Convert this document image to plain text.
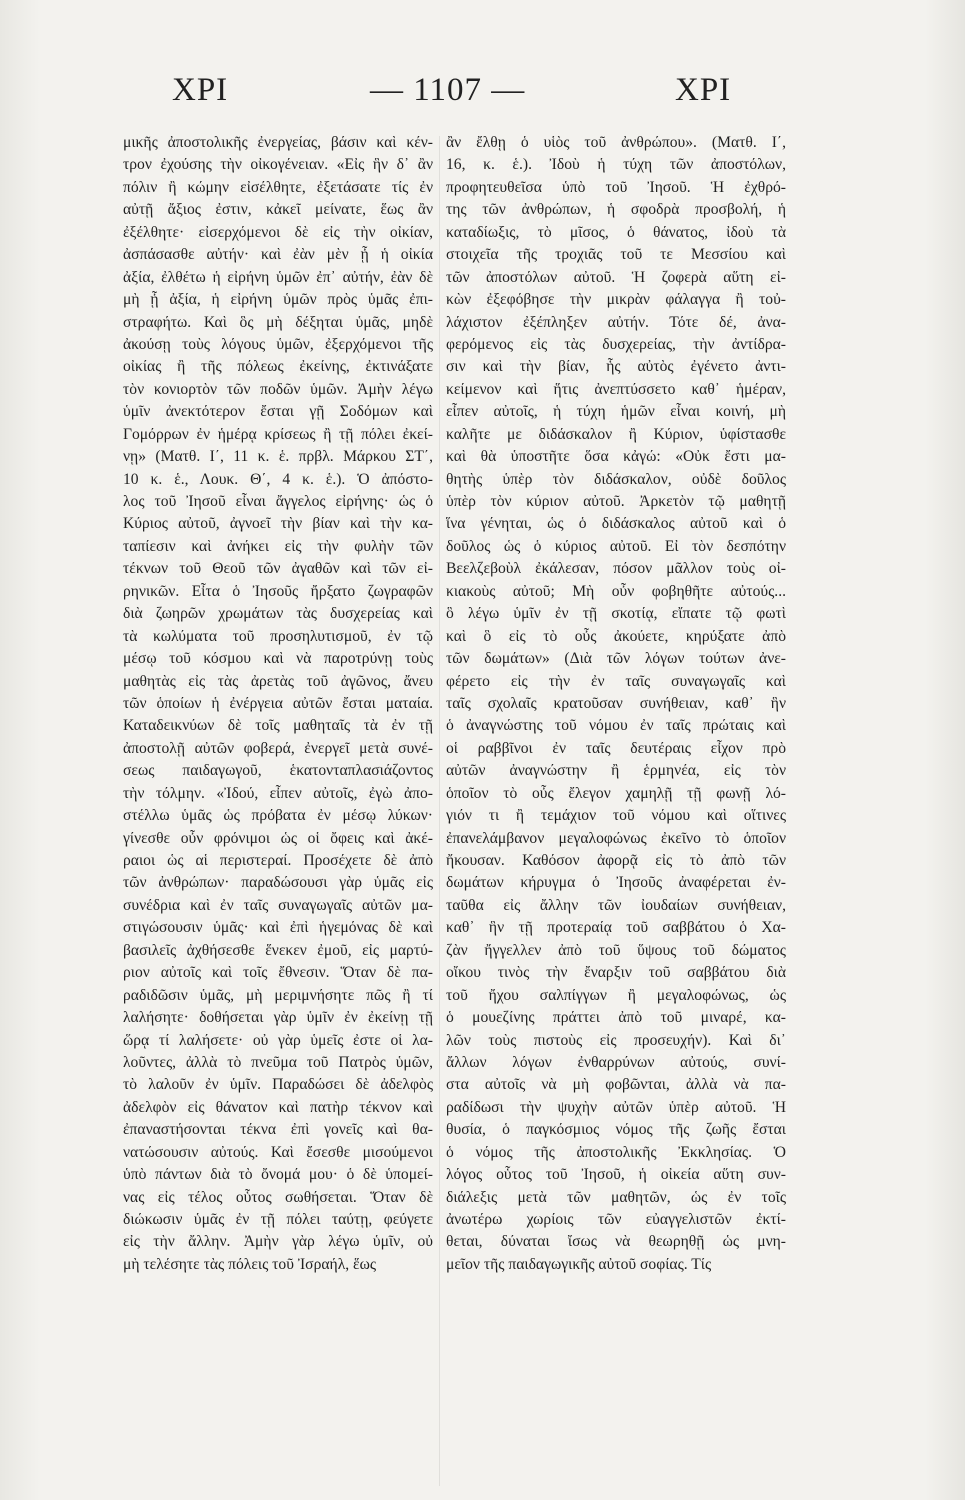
ΧΡΙ	— 1107 —	ΧΡΙ
μικῆς ἀποστολικῆς ἐνεργείας, βάσιν καὶ κέν-
τρον ἐχούσης τὴν οἰκογένειαν. «Εἰς ἣν δ᾽ ἂν
πόλιν ἢ κώμην εἰσέλθητε, ἐξετάσατε τίς ἐν
αὐτῇ ἄξιος ἐστιν, κἀκεῖ μείνατε, ἕως ἂν
ἐξέλθητε· εἰσερχόμενοι δὲ εἰς τὴν οἰκίαν,
ἀσπάσασθε αὐτήν· καὶ ἐὰν μὲν ᾖ ἡ οἰκία
ἀξία, ἐλθέτω ἡ εἰρήνη ὑμῶν ἐπ᾽ αὐτήν, ἐὰν δὲ
μὴ ᾖ ἀξία, ἡ εἰρήνη ὑμῶν πρὸς ὑμᾶς ἐπι-
στραφήτω. Καὶ ὃς μὴ δέξηται ὑμᾶς, μηδὲ
ἀκούσῃ τοὺς λόγους ὑμῶν, ἐξερχόμενοι τῆς
οἰκίας ἢ τῆς πόλεως ἐκείνης, ἐκτινάξατε
τὸν κονιορτὸν τῶν ποδῶν ὑμῶν. Ἀμὴν λέγω
ὑμῖν ἀνεκτότερον ἔσται γῇ Σοδόμων καὶ
Γομόρρων ἐν ἡμέρᾳ κρίσεως ἢ τῇ πόλει ἐκεί-
νῃ» (Ματθ. Ι΄, 11 κ. ἑ. πρβλ. Μάρκου ΣΤ΄,
10 κ. ἑ., Λουκ. Θ΄, 4 κ. ἑ.). Ὁ ἀπόστο-
λος τοῦ Ἰησοῦ εἶναι ἄγγελος εἰρήνης· ὡς ὁ
Κύριος αὐτοῦ, ἀγνοεῖ τὴν βίαν καὶ τὴν κα-
ταπίεσιν καὶ ἀνήκει εἰς τὴν φυλὴν τῶν
τέκνων τοῦ Θεοῦ τῶν ἀγαθῶν καὶ τῶν εἰ-
ρηνικῶν. Εἶτα ὁ Ἰησοῦς ἤρξατο ζωγραφῶν
διὰ ζωηρῶν χρωμάτων τὰς δυσχερείας καὶ
τὰ κωλύματα τοῦ προσηλυτισμοῦ, ἐν τῷ
μέσῳ τοῦ κόσμου καὶ νὰ παροτρύνῃ τοὺς
μαθητὰς εἰς τὰς ἀρετὰς τοῦ ἀγῶνος, ἄνευ
τῶν ὁποίων ἡ ἐνέργεια αὐτῶν ἔσται ματαία.
Καταδεικνύων δὲ τοῖς μαθηταῖς τὰ ἐν τῇ
ἀποστολῇ αὐτῶν φοβερά, ἐνεργεῖ μετὰ συνέ-
σεως παιδαγωγοῦ, ἑκατονταπλασιάζοντος
τὴν τόλμην. «Ἰδού, εἶπεν αὐτοῖς, ἐγὼ ἀπο-
στέλλω ὑμᾶς ὡς πρόβατα ἐν μέσῳ λύκων·
γίνεσθε οὖν φρόνιμοι ὡς οἱ ὄφεις καὶ ἀκέ-
ραιοι ὡς αἱ περιστεραί. Προσέχετε δὲ ἀπὸ
τῶν ἀνθρώπων· παραδώσουσι γὰρ ὑμᾶς εἰς
συνέδρια καὶ ἐν ταῖς συναγωγαῖς αὐτῶν μα-
στιγώσουσιν ὑμᾶς· καὶ ἐπὶ ἡγεμόνας δὲ καὶ
βασιλεῖς ἀχθήσεσθε ἕνεκεν ἐμοῦ, εἰς μαρτύ-
ριον αὐτοῖς καὶ τοῖς ἔθνεσιν. Ὅταν δὲ πα-
ραδιδῶσιν ὑμᾶς, μὴ μεριμνήσητε πῶς ἢ τί
λαλήσητε· δοθήσεται γὰρ ὑμῖν ἐν ἐκείνῃ τῇ
ὥρᾳ τί λαλήσετε· οὐ γὰρ ὑμεῖς ἐστε οἱ λα-
λοῦντες, ἀλλὰ τὸ πνεῦμα τοῦ Πατρὸς ὑμῶν,
τὸ λαλοῦν ἐν ὑμῖν. Παραδώσει δὲ ἀδελφὸς
ἀδελφὸν εἰς θάνατον καὶ πατὴρ τέκνον καὶ
ἐπαναστήσονται τέκνα ἐπὶ γονεῖς καὶ θα-
νατώσουσιν αὐτούς. Καὶ ἔσεσθε μισούμενοι
ὑπὸ πάντων διὰ τὸ ὄνομά μου· ὁ δὲ ὑπομεί-
νας εἰς τέλος οὗτος σωθήσεται. Ὅταν δὲ
διώκωσιν ὑμᾶς ἐν τῇ πόλει ταύτῃ, φεύγετε
εἰς τὴν ἄλλην. Ἀμὴν γὰρ λέγω ὑμῖν, οὐ
μὴ τελέσητε τὰς πόλεις τοῦ Ἰσραήλ, ἕως
ἂν ἔλθῃ ὁ υἱὸς τοῦ ἀνθρώπου». (Ματθ. Ι΄,
16, κ. ἑ.). Ἰδοὺ ἡ τύχη τῶν ἀποστόλων,
προφητευθεῖσα ὑπὸ τοῦ Ἰησοῦ. Ἡ ἐχθρό-
της τῶν ἀνθρώπων, ἡ σφοδρὰ προσβολή, ἡ
καταδίωξις, τὸ μῖσος, ὁ θάνατος, ἰδοὺ τὰ
στοιχεῖα τῆς τροχιᾶς τοῦ τε Μεσσίου καὶ
τῶν ἀποστόλων αὐτοῦ. Ἡ ζοφερὰ αὕτη εἰ-
κὼν ἐξεφόβησε τὴν μικρὰν φάλαγγα ἢ τοὐ-
λάχιστον ἐξέπληξεν αὐτήν. Τότε δέ, ἀνα-
φερόμενος εἰς τὰς δυσχερείας, τὴν ἀντίδρα-
σιν καὶ τὴν βίαν, ἧς αὐτὸς ἐγένετο ἀντι-
κείμενον καὶ ἥτις ἀνεπτύσσετο καθ᾽ ἡμέραν,
εἶπεν αὐτοῖς, ἡ τύχη ἡμῶν εἶναι κοινή, μὴ
καλῆτε με διδάσκαλον ἢ Κύριον, ὑφίστασθε
καὶ θὰ ὑποστῆτε ὅσα κἀγώ: «Οὐκ ἔστι μα-
θητὴς ὑπὲρ τὸν διδάσκαλον, οὐδὲ δοῦλος
ὑπὲρ τὸν κύριον αὐτοῦ. Ἀρκετὸν τῷ μαθητῇ
ἵνα γένηται, ὡς ὁ διδάσκαλος αὐτοῦ καὶ ὁ
δοῦλος ὡς ὁ κύριος αὐτοῦ. Εἰ τὸν δεσπότην
Βεελζεβοὺλ ἐκάλεσαν, πόσον μᾶλλον τοὺς οἰ-
κιακοὺς αὐτοῦ; Μὴ οὖν φοβηθῆτε αὐτούς...
ὃ λέγω ὑμῖν ἐν τῇ σκοτίᾳ, εἴπατε τῷ φωτὶ
καὶ ὃ εἰς τὸ οὖς ἀκούετε, κηρύξατε ἀπὸ
τῶν δωμάτων» (Διὰ τῶν λόγων τούτων ἀνε-
φέρετο εἰς τὴν ἐν ταῖς συναγωγαῖς καὶ
ταῖς σχολαῖς κρατοῦσαν συνήθειαν, καθ᾽ ἣν
ὁ ἀναγνώστης τοῦ νόμου ἐν ταῖς πρώταις καὶ
οἱ ραββῖνοι ἐν ταῖς δευτέραις εἶχον πρὸ
αὐτῶν ἀναγνώστην ἢ ἑρμηνέα, εἰς τὸν
ὁποῖον τὸ οὖς ἔλεγον χαμηλῇ τῇ φωνῇ λό-
γιόν τι ἢ τεμάχιον τοῦ νόμου καὶ οἵτινες
ἐπανελάμβανον μεγαλοφώνως ἐκεῖνο τὸ ὁποῖον
ἤκουσαν. Καθόσον ἀφορᾷ εἰς τὸ ἀπὸ τῶν
δωμάτων κήρυγμα ὁ Ἰησοῦς ἀναφέρεται ἐν-
ταῦθα εἰς ἄλλην τῶν ἰουδαίων συνήθειαν,
καθ᾽ ἣν τῇ προτεραίᾳ τοῦ σαββάτου ὁ Χα-
ζὰν ἤγγελλεν ἀπὸ τοῦ ὕψους τοῦ δώματος
οἴκου τινὸς τὴν ἔναρξιν τοῦ σαββάτου διὰ
τοῦ ἤχου σαλπίγγων ἢ μεγαλοφώνως, ὡς
ὁ μουεζίνης πράττει ἀπὸ τοῦ μιναρέ, κα-
λῶν τοὺς πιστοὺς εἰς προσευχήν). Καὶ δι᾽
ἄλλων λόγων ἐνθαρρύνων αὐτούς, συνί-
στα αὐτοῖς νὰ μὴ φοβῶνται, ἀλλὰ νὰ πα-
ραδίδωσι τὴν ψυχὴν αὐτῶν ὑπὲρ αὐτοῦ. Ἡ
θυσία, ὁ παγκόσμιος νόμος τῆς ζωῆς ἔσται
ὁ νόμος τῆς ἀποστολικῆς Ἐκκλησίας. Ὁ
λόγος οὗτος τοῦ Ἰησοῦ, ἡ οἰκεία αὕτη συν-
διάλεξις μετὰ τῶν μαθητῶν, ὡς ἐν τοῖς
ἀνωτέρω χωρίοις τῶν εὐαγγελιστῶν ἐκτί-
θεται, δύναται ἴσως νὰ θεωρηθῇ ὡς μνη-
μεῖον τῆς παιδαγωγικῆς αὐτοῦ σοφίας. Τίς
